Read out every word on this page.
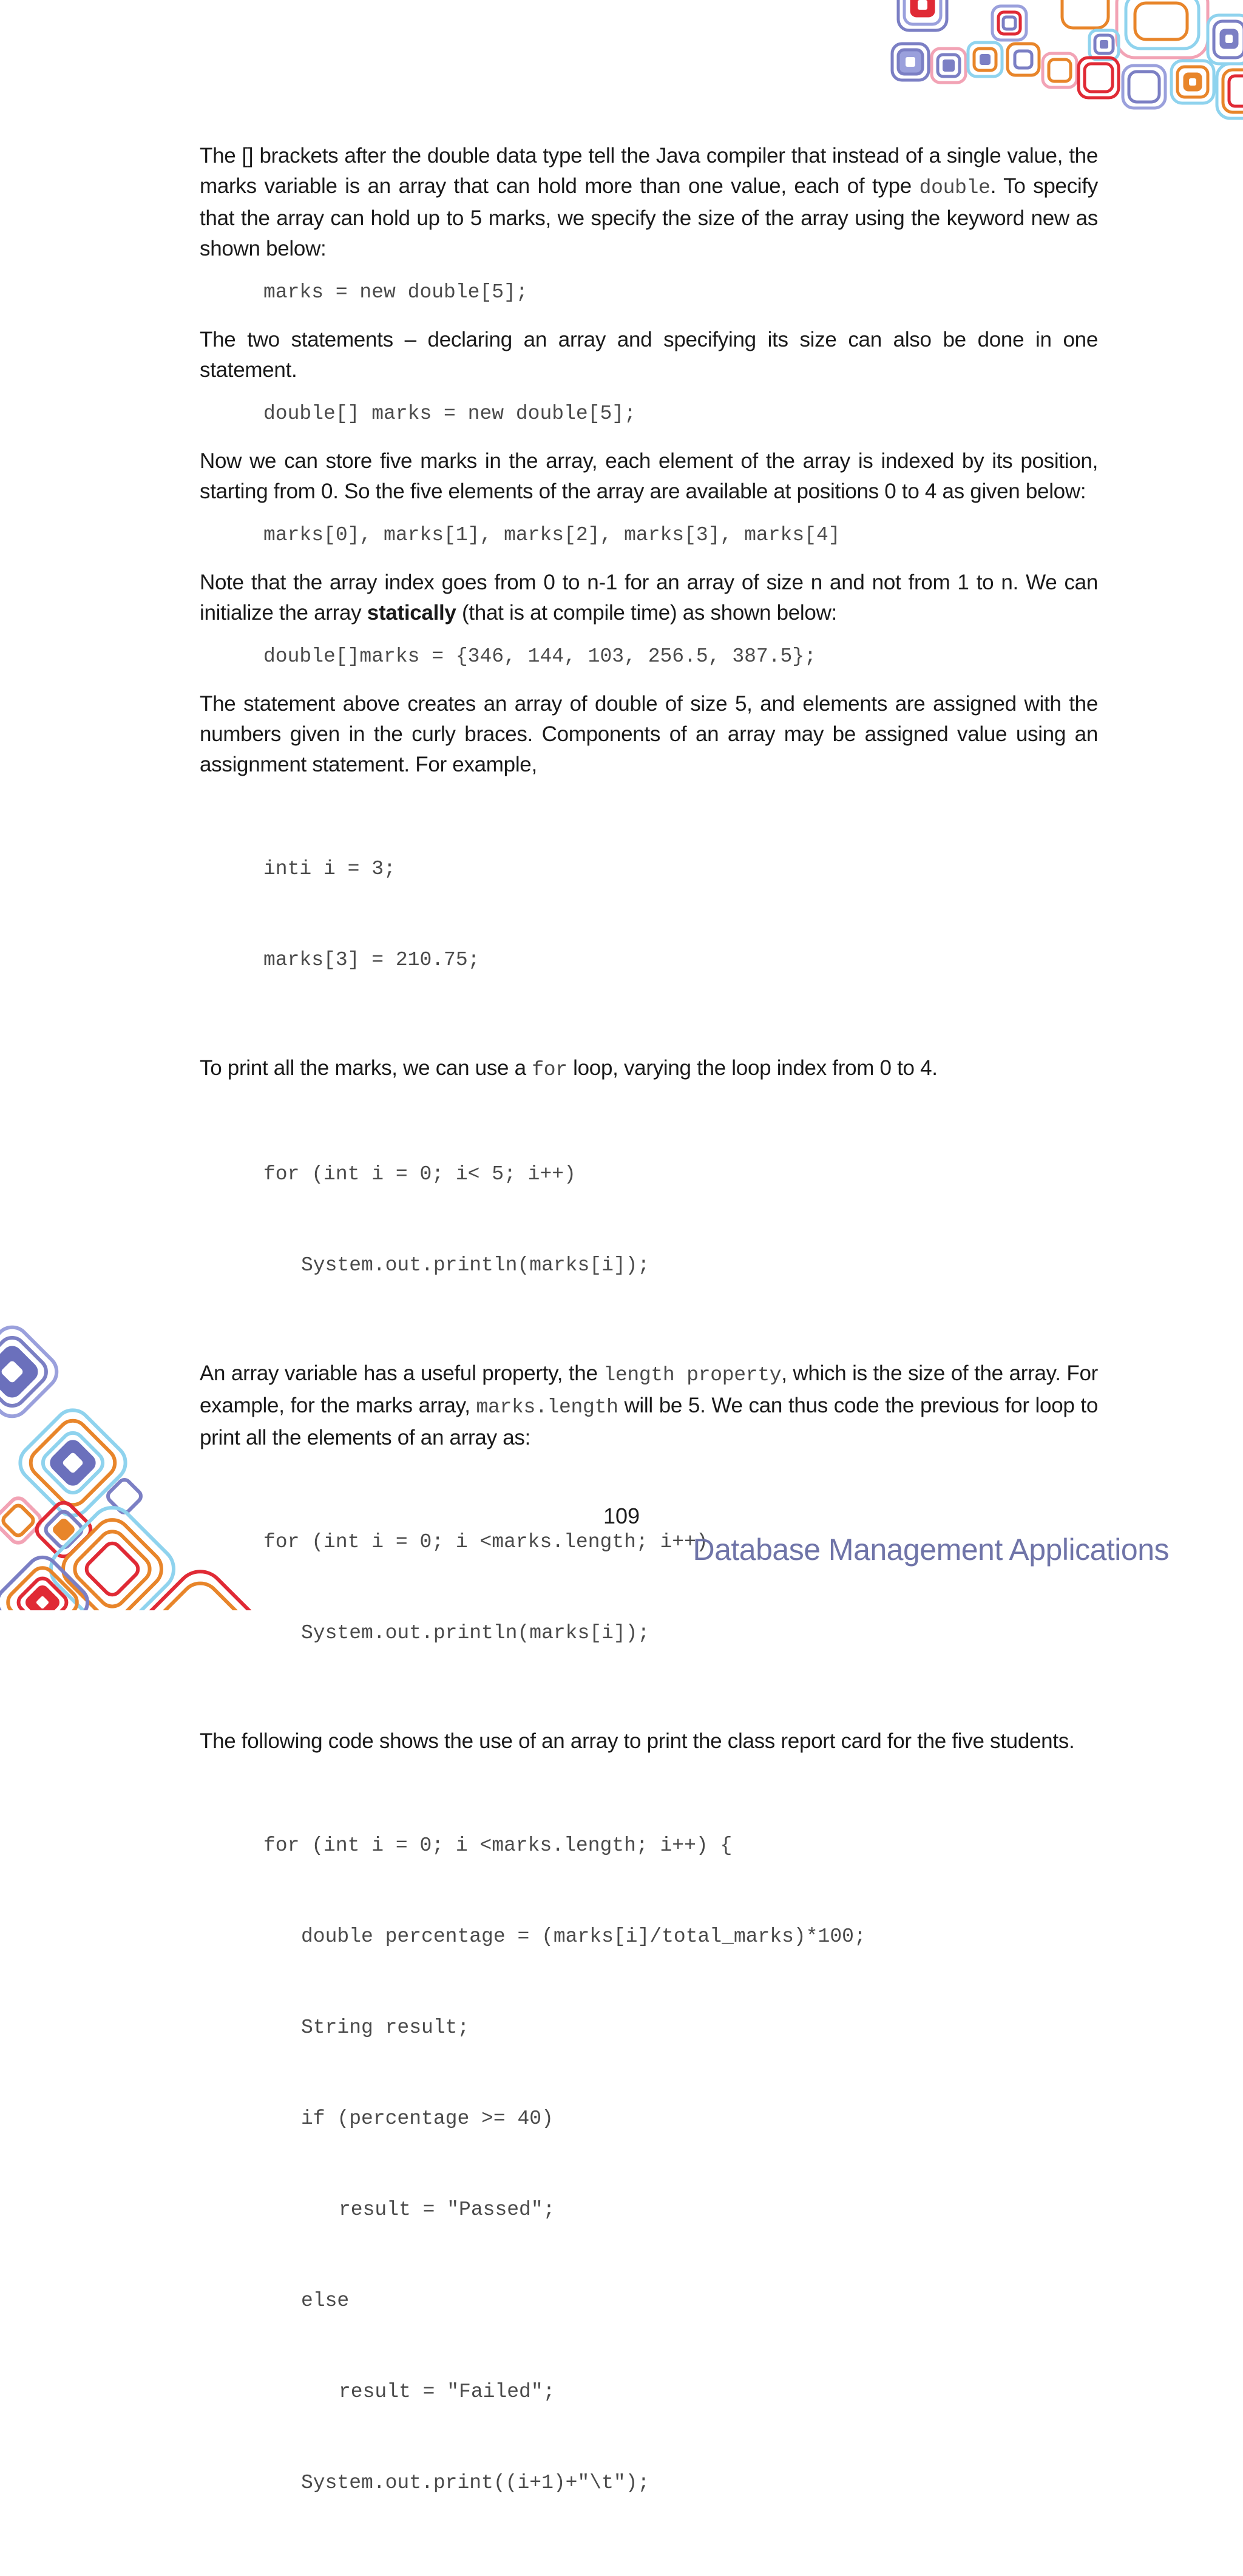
The [] brackets after the double data type tell the Java compiler that instead of a single value, the marks variable is an array that can hold more than one value, each of type double. To specify that the array can hold up to 5 marks, we specify the size of the array using the keyword new as shown below:

marks = new double[5];

The two statements – declaring an array and specifying its size can also be done in one statement.

double[] marks = new double[5];

Now we can store five marks in the array, each element of the array is indexed by its position, starting from 0. So the five elements of the array are available at positions 0 to 4 as given below:

marks[0], marks[1], marks[2], marks[3], marks[4]

Note that the array index goes from 0 to n-1 for an array of size n and not from 1 to n. We can initialize the array statically (that is at compile time) as shown below:

double[]marks = {346, 144, 103, 256.5, 387.5};

The statement above creates an array of double of size 5, and elements are assigned with the numbers given in the curly braces. Components of an array may be assigned value using an assignment statement. For example,

inti i = 3;

marks[3] = 210.75;

To print all the marks, we can use a for loop, varying the loop index from 0 to 4.

for (int i = 0; i< 5; i++)

System.out.println(marks[i]);

An array variable has a useful property, the length property, which is the size of the array. For example, for the marks array, marks.length will be 5. We can thus code the previous for loop to print all the elements of an array as:

for (int i = 0; i <marks.length; i++)

System.out.println(marks[i]);

The following code shows the use of an array to print the class report card for the five students.

for (int i = 0; i <marks.length; i++) {

double percentage = (marks[i]/total_marks)*100;

String result;

if (percentage >= 40)

result = "Passed";

else

result = "Failed";

System.out.print((i+1)+"\t");

109
Database Management Applications
